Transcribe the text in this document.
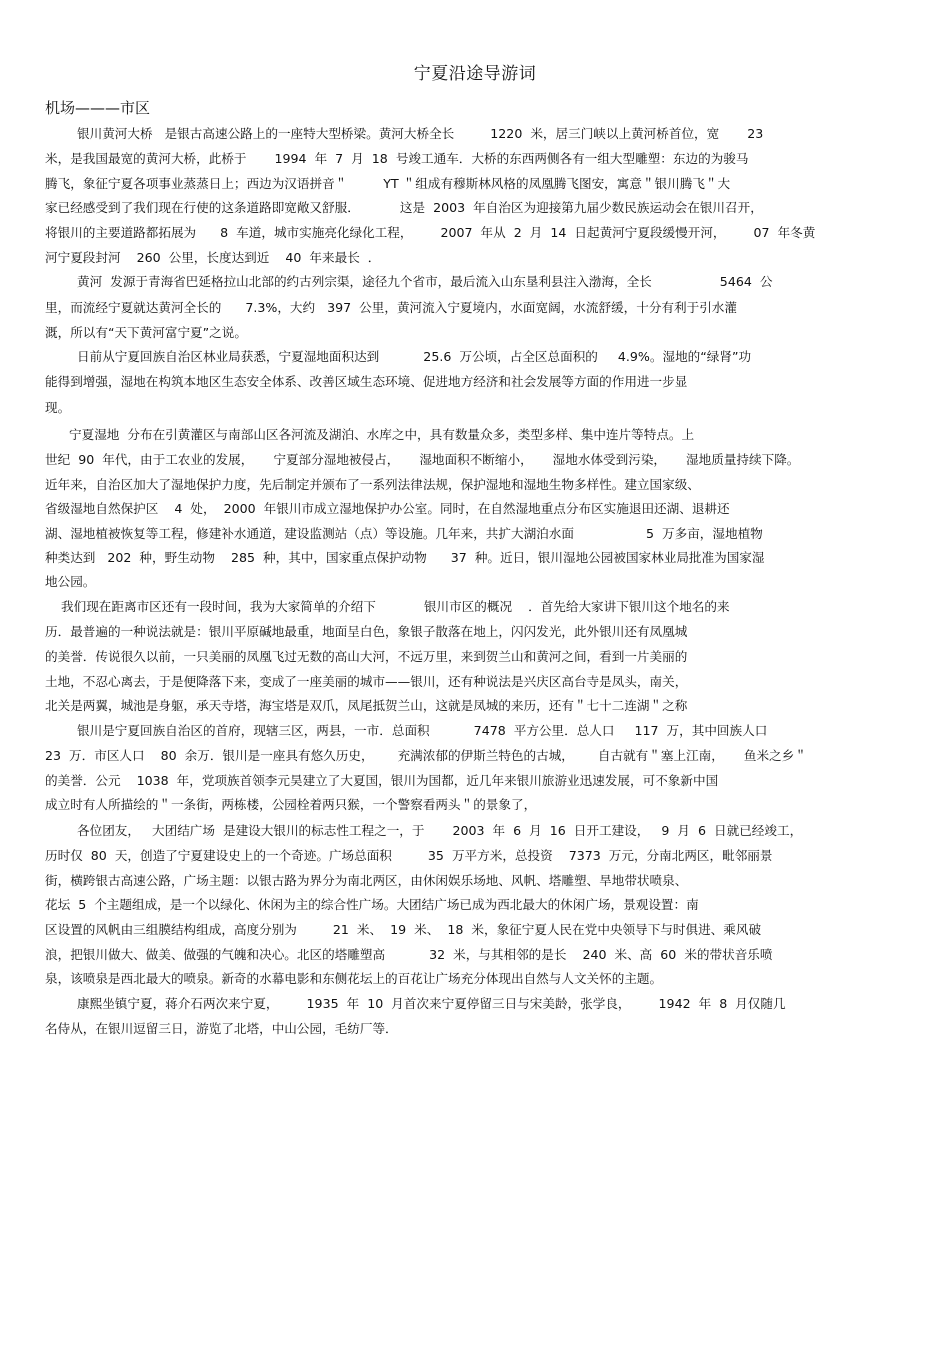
宁夏沿途导游词
机场———市区
银川黄河大桥   是银古高速公路上的一座特大型桥梁。黄河大桥全长         1220  米，居三门峡以上黄河桥首位，宽       23
米，是我国最宽的黄河大桥，此桥于       1994  年  7  月  18  号竣工通车．大桥的东西两侧各有一组大型雕塑：东边的为骏马
腾飞，象征宁夏各项事业蒸蒸日上；西边为汉语拼音＂         YT ＂组成有穆斯林风格的凤凰腾飞图安，寓意＂银川腾飞＂大
家已经感受到了我们现在行使的这条道路即宽敞又舒服．          这是  2003  年自治区为迎接第九届少数民族运动会在银川召开，
将银川的主要道路都拓展为      8  车道，城市实施亮化绿化工程，       2007  年从  2  月  14  日起黄河宁夏段缓慢开河，       07  年冬黄
河宁夏段封河    260  公里，长度达到近    40  年来最长  ．
黄河  发源于青海省巴延格拉山北部的约古列宗渠，途径九个省市，最后流入山东垦利县注入渤海，全长                 5464  公
里，而流经宁夏就达黄河全长的      7.3%，大约   397  公里，黄河流入宁夏境内，水面宽阔，水流舒缓，十分有利于引水灌
溉，所以有“天下黄河富宁夏”之说。
日前从宁夏回族自治区林业局获悉，宁夏湿地面积达到           25.6  万公顷，占全区总面积的     4.9%。湿地的“绿肾”功
能得到增强，湿地在构筑本地区生态安全体系、改善区域生态环境、促进地方经济和社会发展等方面的作用进一步显
现。
宁夏湿地  分布在引黄灌区与南部山区各河流及湖泊、水库之中，具有数量众多，类型多样、集中连片等特点。上
世纪  90  年代，由于工农业的发展，     宁夏部分湿地被侵占，     湿地面积不断缩小，     湿地水体受到污染，     湿地质量持续下降。
近年来，自治区加大了湿地保护力度，先后制定并颁布了一系列法律法规，保护湿地和湿地生物多样性。建立国家级、
省级湿地自然保护区    4  处，  2000  年银川市成立湿地保护办公室。同时，在自然湿地重点分布区实施退田还湖、退耕还
湖、湿地植被恢复等工程，修建补水通道，建设监测站（点）等设施。几年来，共扩大湖泊水面                  5  万多亩，湿地植物
种类达到   202  种，野生动物    285  种，其中，国家重点保护动物      37  种。近日，银川湿地公园被国家林业局批准为国家湿
地公园。
我们现在距离市区还有一段时间，我为大家简单的介绍下            银川市区的概况    ．首先给大家讲下银川这个地名的来
历．最普遍的一种说法就是：银川平原碱地最重，地面呈白色，象银子散落在地上，闪闪发光，此外银川还有凤凰城
的美誉．传说很久以前，一只美丽的凤凰飞过无数的高山大河，不远万里，来到贺兰山和黄河之间，看到一片美丽的
土地，不忍心离去，于是便降落下来，变成了一座美丽的城市——银川，还有种说法是兴庆区高台寺是凤头，南关，
北关是两翼，城池是身躯，承天寺塔，海宝塔是双爪，凤尾抵贺兰山，这就是凤城的来历，还有＂七十二连湖＂之称
银川是宁夏回族自治区的首府，现辖三区，两县，一市．总面积           7478  平方公里．总人口     117  万，其中回族人口
23  万．市区人口    80  余万．银川是一座具有悠久历史，      充满浓郁的伊斯兰特色的古城，      自古就有＂塞上江南，     鱼米之乡＂
的美誉．公元    1038  年，党项族首领李元昊建立了大夏国，银川为国都，近几年来银川旅游业迅速发展，可不象新中国
成立时有人所描绘的＂一条街，两栋楼，公园栓着两只猴，一个警察看两头＂的景象了，
各位团友，   大团结广场  是建设大银川的标志性工程之一，于       2003  年  6  月  16  日开工建设，   9  月  6  日就已经竣工，
历时仅  80  天，创造了宁夏建设史上的一个奇迹。广场总面积         35  万平方米，总投资    7373  万元，分南北两区，毗邻丽景
街，横跨银古高速公路，广场主题：以银古路为界分为南北两区，由休闲娱乐场地、风帆、塔雕塑、旱地带状喷泉、
花坛  5  个主题组成，是一个以绿化、休闲为主的综合性广场。大团结广场已成为西北最大的休闲广场，景观设置：南
区设置的风帆由三组膜结构组成，高度分别为         21  米、  19  米、  18  米，象征宁夏人民在党中央领导下与时俱进、乘风破
浪，把银川做大、做美、做强的气魄和决心。北区的塔雕塑高           32  米，与其相邻的是长    240  米、高  60  米的带状音乐喷
泉，该喷泉是西北最大的喷泉。新奇的水幕电影和东侧花坛上的百花让广场充分体现出自然与人文关怀的主题。
康熙坐镇宁夏，蒋介石两次来宁夏，       1935  年  10  月首次来宁夏停留三日与宋美龄，张学良，       1942  年  8  月仅随几
名侍从，在银川逗留三日，游览了北塔，中山公园，毛纺厂等．
